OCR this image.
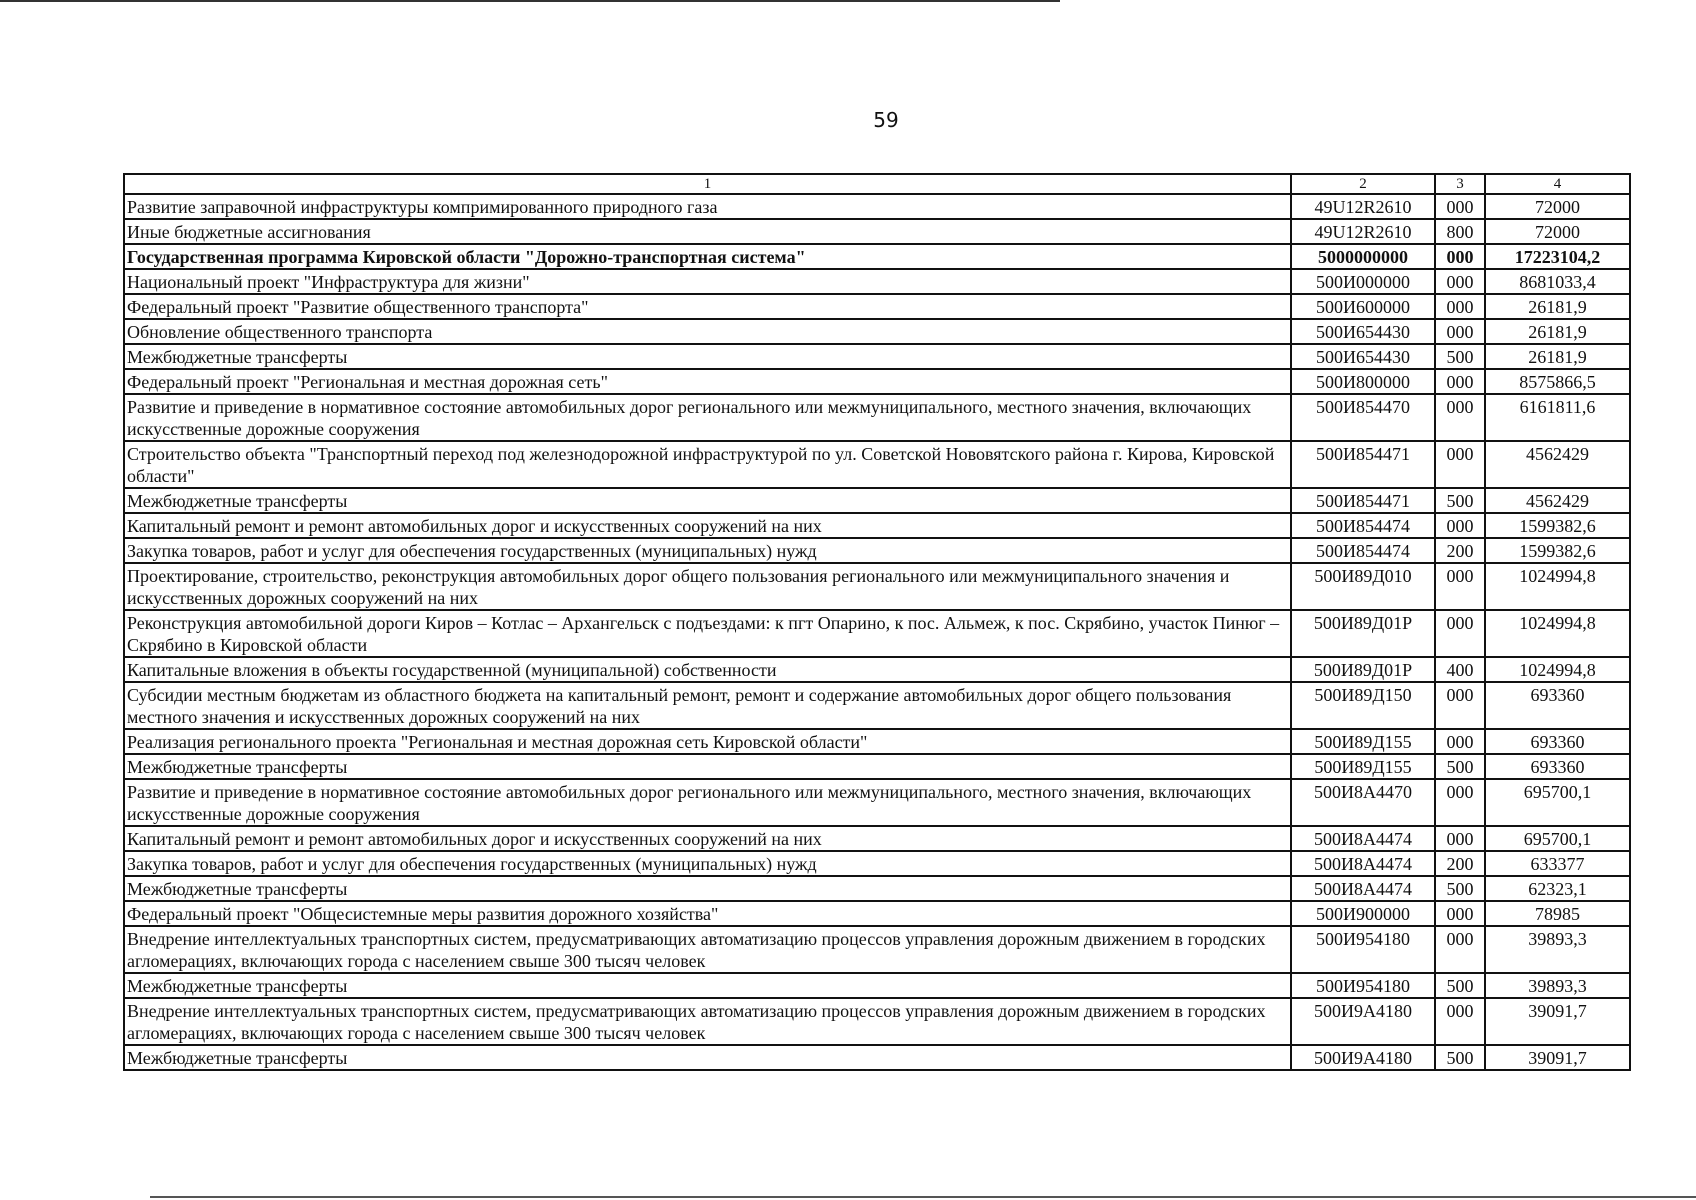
59
1	2	3	4
Развитие заправочной инфраструктуры компримированного природного газа	49U12R2610	000	72000
Иные бюджетные ассигнования	49U12R2610	800	72000
Государственная программа Кировской области "Дорожно-транспортная система"	5000000000	000	17223104,2
Национальный проект "Инфраструктура для жизни"	500И000000	000	8681033,4
Федеральный проект "Развитие общественного транспорта"	500И600000	000	26181,9
Обновление общественного транспорта	500И654430	000	26181,9
Межбюджетные трансферты	500И654430	500	26181,9
Федеральный проект "Региональная и местная дорожная сеть"	500И800000	000	8575866,5
Развитие и приведение в нормативное состояние автомобильных дорог регионального или межмуниципального, местного значения, включающих искусственные дорожные сооружения	500И854470	000	6161811,6
Строительство объекта "Транспортный переход под железнодорожной инфраструктурой по ул. Советской Нововятского района г. Кирова, Кировской области"	500И854471	000	4562429
Межбюджетные трансферты	500И854471	500	4562429
Капитальный ремонт и ремонт автомобильных дорог и искусственных сооружений на них	500И854474	000	1599382,6
Закупка товаров, работ и услуг для обеспечения государственных (муниципальных) нужд	500И854474	200	1599382,6
Проектирование, строительство, реконструкция автомобильных дорог общего пользования регионального или межмуниципального значения и искусственных дорожных сооружений на них	500И89Д010	000	1024994,8
Реконструкция автомобильной дороги Киров – Котлас – Архангельск с подъездами: к пгт Опарино, к пос. Альмеж, к пос. Скрябино, участок Пинюг – Скрябино в Кировской области	500И89Д01Р	000	1024994,8
Капитальные вложения в объекты государственной (муниципальной) собственности	500И89Д01Р	400	1024994,8
Субсидии местным бюджетам из областного бюджета на капитальный ремонт, ремонт и содержание автомобильных дорог общего пользования местного значения и искусственных дорожных сооружений на них	500И89Д150	000	693360
Реализация регионального проекта "Региональная и местная дорожная сеть Кировской области"	500И89Д155	000	693360
Межбюджетные трансферты	500И89Д155	500	693360
Развитие и приведение в нормативное состояние автомобильных дорог регионального или межмуниципального, местного значения, включающих искусственные дорожные сооружения	500И8А4470	000	695700,1
Капитальный ремонт и ремонт автомобильных дорог и искусственных сооружений на них	500И8А4474	000	695700,1
Закупка товаров, работ и услуг для обеспечения государственных (муниципальных) нужд	500И8А4474	200	633377
Межбюджетные трансферты	500И8А4474	500	62323,1
Федеральный проект "Общесистемные меры развития дорожного хозяйства"	500И900000	000	78985
Внедрение интеллектуальных транспортных систем, предусматривающих автоматизацию процессов управления дорожным движением в городских агломерациях, включающих города с населением свыше 300 тысяч человек	500И954180	000	39893,3
Межбюджетные трансферты	500И954180	500	39893,3
Внедрение интеллектуальных транспортных систем, предусматривающих автоматизацию процессов управления дорожным движением в городских агломерациях, включающих города с населением свыше 300 тысяч человек	500И9А4180	000	39091,7
Межбюджетные трансферты	500И9А4180	500	39091,7
